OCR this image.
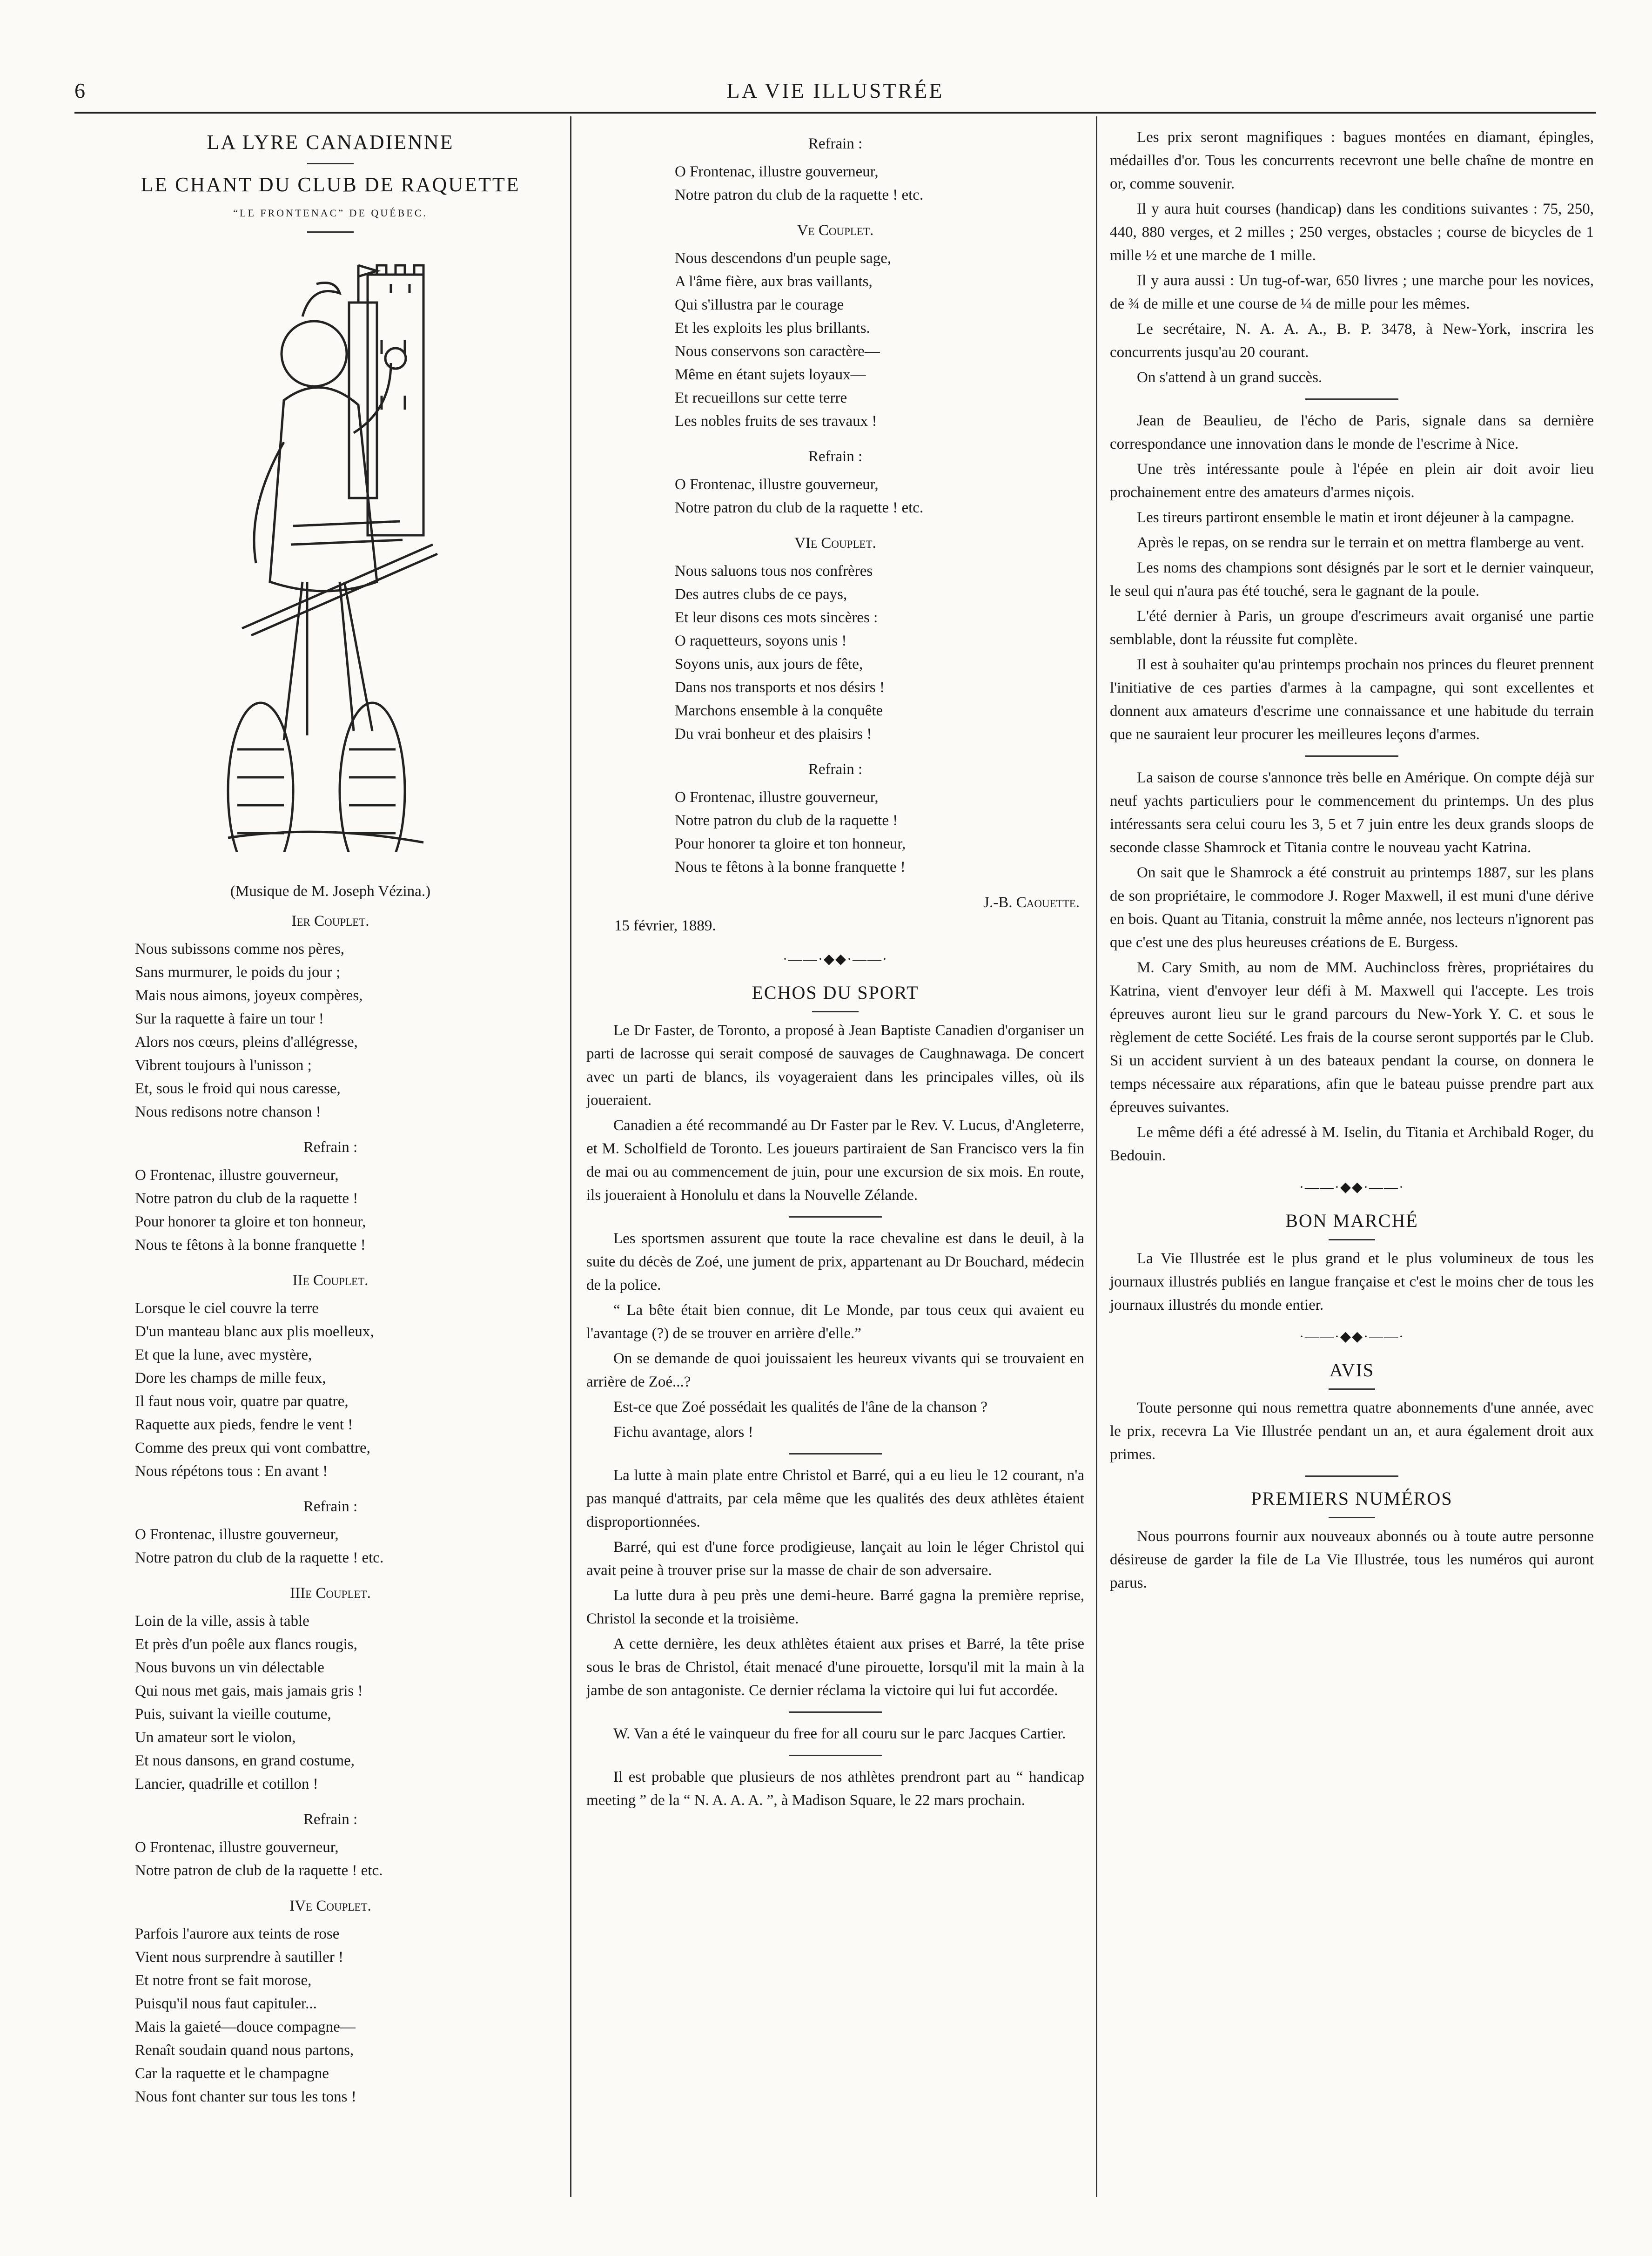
6	LA VIE ILLUSTRÉE
LA LYRE CANADIENNE
LE CHANT DU CLUB DE RAQUETTE
“LE FRONTENAC” DE QUÉBEC.
(Musique de M. Joseph Vézina.)
Ier Couplet.
Nous subissons comme nos pères,
Sans murmurer, le poids du jour ;
Mais nous aimons, joyeux compères,
Sur la raquette à faire un tour !
Alors nos cœurs, pleins d'allégresse,
Vibrent toujours à l'unisson ;
Et, sous le froid qui nous caresse,
Nous redisons notre chanson !
Refrain :
O Frontenac, illustre gouverneur,
Notre patron du club de la raquette !
Pour honorer ta gloire et ton honneur,
Nous te fêtons à la bonne franquette !
IIe Couplet.
Lorsque le ciel couvre la terre
D'un manteau blanc aux plis moelleux,
Et que la lune, avec mystère,
Dore les champs de mille feux,
Il faut nous voir, quatre par quatre,
Raquette aux pieds, fendre le vent !
Comme des preux qui vont combattre,
Nous répétons tous : En avant !
Refrain :
O Frontenac, illustre gouverneur,
Notre patron du club de la raquette ! etc.
IIIe Couplet.
Loin de la ville, assis à table
Et près d'un poêle aux flancs rougis,
Nous buvons un vin délectable
Qui nous met gais, mais jamais gris !
Puis, suivant la vieille coutume,
Un amateur sort le violon,
Et nous dansons, en grand costume,
Lancier, quadrille et cotillon !
Refrain :
O Frontenac, illustre gouverneur,
Notre patron de club de la raquette ! etc.
IVe Couplet.
Parfois l'aurore aux teints de rose
Vient nous surprendre à sautiller !
Et notre front se fait morose,
Puisqu'il nous faut capituler...
Mais la gaieté—douce compagne—
Renaît soudain quand nous partons,
Car la raquette et le champagne
Nous font chanter sur tous les tons !
Refrain :
O Frontenac, illustre gouverneur,
Notre patron du club de la raquette ! etc.
Ve Couplet.
Nous descendons d'un peuple sage,
A l'âme fière, aux bras vaillants,
Qui s'illustra par le courage
Et les exploits les plus brillants.
Nous conservons son caractère—
Même en étant sujets loyaux—
Et recueillons sur cette terre
Les nobles fruits de ses travaux !
Refrain :
O Frontenac, illustre gouverneur,
Notre patron du club de la raquette ! etc.
VIe Couplet.
Nous saluons tous nos confrères
Des autres clubs de ce pays,
Et leur disons ces mots sincères :
O raquetteurs, soyons unis !
Soyons unis, aux jours de fête,
Dans nos transports et nos désirs !
Marchons ensemble à la conquête
Du vrai bonheur et des plaisirs !
Refrain :
O Frontenac, illustre gouverneur,
Notre patron du club de la raquette !
Pour honorer ta gloire et ton honneur,
Nous te fêtons à la bonne franquette !
J.-B. Caouette.
15 février, 1889.
·——·◆◆·——·
ECHOS DU SPORT

Le Dr Faster, de Toronto, a proposé à Jean Baptiste Canadien d'organiser un parti de lacrosse qui serait composé de sauvages de Caughnawaga. De concert avec un parti de blancs, ils voyageraient dans les principales villes, où ils joueraient.

Canadien a été recommandé au Dr Faster par le Rev. V. Lucus, d'Angleterre, et M. Scholfield de Toronto. Les joueurs partiraient de San Francisco vers la fin de mai ou au commencement de juin, pour une excursion de six mois. En route, ils joueraient à Honolulu et dans la Nouvelle Zélande.

Les sportsmen assurent que toute la race chevaline est dans le deuil, à la suite du décès de Zoé, une jument de prix, appartenant au Dr Bouchard, médecin de la police.

“ La bête était bien connue, dit Le Monde, par tous ceux qui avaient eu l'avantage (?) de se trouver en arrière d'elle.”

On se demande de quoi jouissaient les heureux vivants qui se trouvaient en arrière de Zoé...?

Est-ce que Zoé possédait les qualités de l'âne de la chanson ?

Fichu avantage, alors !

La lutte à main plate entre Christol et Barré, qui a eu lieu le 12 courant, n'a pas manqué d'attraits, par cela même que les qualités des deux athlètes étaient disproportionnées.

Barré, qui est d'une force prodigieuse, lançait au loin le léger Christol qui avait peine à trouver prise sur la masse de chair de son adversaire.

La lutte dura à peu près une demi-heure. Barré gagna la première reprise, Christol la seconde et la troisième.

A cette dernière, les deux athlètes étaient aux prises et Barré, la tête prise sous le bras de Christol, était menacé d'une pirouette, lorsqu'il mit la main à la jambe de son antagoniste. Ce dernier réclama la victoire qui lui fut accordée.

W. Van a été le vainqueur du free for all couru sur le parc Jacques Cartier.

Il est probable que plusieurs de nos athlètes prendront part au “ handicap meeting ” de la “ N. A. A. A. ”, à Madison Square, le 22 mars prochain.

Les prix seront magnifiques : bagues montées en diamant, épingles, médailles d'or. Tous les concurrents recevront une belle chaîne de montre en or, comme souvenir.

Il y aura huit courses (handicap) dans les conditions suivantes : 75, 250, 440, 880 verges, et 2 milles ; 250 verges, obstacles ; course de bicycles de 1 mille ½ et une marche de 1 mille.

Il y aura aussi : Un tug-of-war, 650 livres ; une marche pour les novices, de ¾ de mille et une course de ¼ de mille pour les mêmes.

Le secrétaire, N. A. A. A., B. P. 3478, à New-York, inscrira les concurrents jusqu'au 20 courant.

On s'attend à un grand succès.

Jean de Beaulieu, de l'écho de Paris, signale dans sa dernière correspondance une innovation dans le monde de l'escrime à Nice.

Une très intéressante poule à l'épée en plein air doit avoir lieu prochainement entre des amateurs d'armes niçois.

Les tireurs partiront ensemble le matin et iront déjeuner à la campagne.

Après le repas, on se rendra sur le terrain et on mettra flamberge au vent.

Les noms des champions sont désignés par le sort et le dernier vainqueur, le seul qui n'aura pas été touché, sera le gagnant de la poule.

L'été dernier à Paris, un groupe d'escrimeurs avait organisé une partie semblable, dont la réussite fut complète.

Il est à souhaiter qu'au printemps prochain nos princes du fleuret prennent l'initiative de ces parties d'armes à la campagne, qui sont excellentes et donnent aux amateurs d'escrime une connaissance et une habitude du terrain que ne sauraient leur procurer les meilleures leçons d'armes.

La saison de course s'annonce très belle en Amérique. On compte déjà sur neuf yachts particuliers pour le commencement du printemps. Un des plus intéressants sera celui couru les 3, 5 et 7 juin entre les deux grands sloops de seconde classe Shamrock et Titania contre le nouveau yacht Katrina.

On sait que le Shamrock a été construit au printemps 1887, sur les plans de son propriétaire, le commodore J. Roger Maxwell, il est muni d'une dérive en bois. Quant au Titania, construit la même année, nos lecteurs n'ignorent pas que c'est une des plus heureuses créations de E. Burgess.

M. Cary Smith, au nom de MM. Auchincloss frères, propriétaires du Katrina, vient d'envoyer leur défi à M. Maxwell qui l'accepte. Les trois épreuves auront lieu sur le grand parcours du New-York Y. C. et sous le règlement de cette Société. Les frais de la course seront supportés par le Club. Si un accident survient à un des bateaux pendant la course, on donnera le temps nécessaire aux réparations, afin que le bateau puisse prendre part aux épreuves suivantes.

Le même défi a été adressé à M. Iselin, du Titania et Archibald Roger, du Bedouin.

·——·◆◆·——·
BON MARCHÉ

La Vie Illustrée est le plus grand et le plus volumineux de tous les journaux illustrés publiés en langue française et c'est le moins cher de tous les journaux illustrés du monde entier.

·——·◆◆·——·
AVIS

Toute personne qui nous remettra quatre abonnements d'une année, avec le prix, recevra La Vie Illustrée pendant un an, et aura également droit aux primes.

PREMIERS NUMÉROS

Nous pourrons fournir aux nouveaux abonnés ou à toute autre personne désireuse de garder la file de La Vie Illustrée, tous les numéros qui auront parus.
